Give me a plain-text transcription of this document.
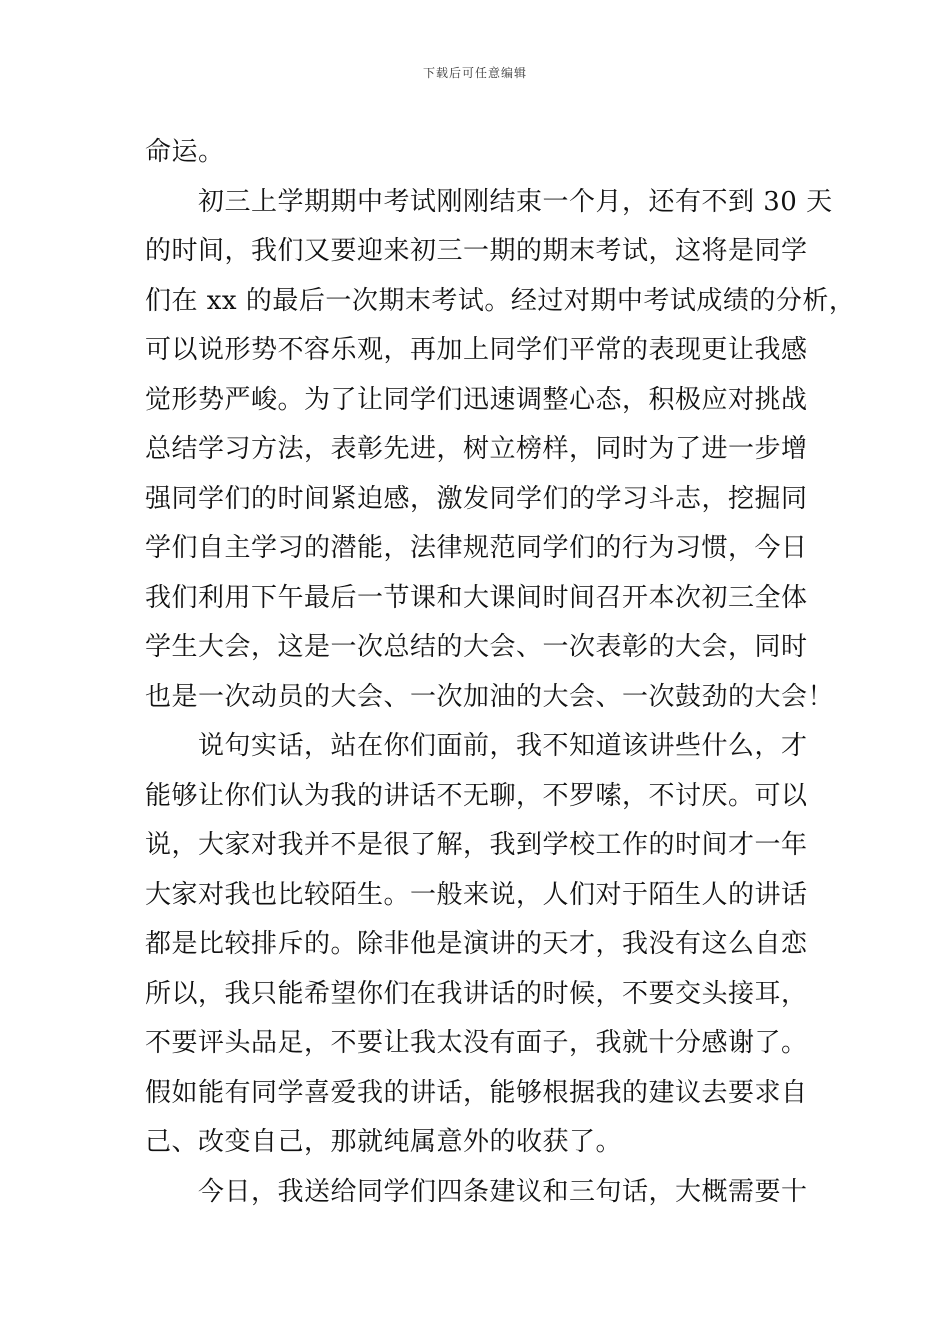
下载后可任意编辑
命运。
　　初三上学期期中考试刚刚结束一个月，还有不到 30 天
的时间，我们又要迎来初三一期的期末考试，这将是同学
们在 xx 的最后一次期末考试。经过对期中考试成绩的分析，
可以说形势不容乐观，再加上同学们平常的表现更让我感
觉形势严峻。为了让同学们迅速调整心态，积极应对挑战
总结学习方法，表彰先进，树立榜样，同时为了进一步增
强同学们的时间紧迫感，激发同学们的学习斗志，挖掘同
学们自主学习的潜能，法律规范同学们的行为习惯，今日
我们利用下午最后一节课和大课间时间召开本次初三全体
学生大会，这是一次总结的大会、一次表彰的大会，同时
也是一次动员的大会、一次加油的大会、一次鼓劲的大会！
　　说句实话，站在你们面前，我不知道该讲些什么，才
能够让你们认为我的讲话不无聊，不罗嗦，不讨厌。可以
说，大家对我并不是很了解，我到学校工作的时间才一年
大家对我也比较陌生。一般来说，人们对于陌生人的讲话
都是比较排斥的。除非他是演讲的天才，我没有这么自恋
所以，我只能希望你们在我讲话的时候，不要交头接耳，
不要评头品足，不要让我太没有面子，我就十分感谢了。
假如能有同学喜爱我的讲话，能够根据我的建议去要求自
己、改变自己，那就纯属意外的收获了。
　　今日，我送给同学们四条建议和三句话，大概需要十
